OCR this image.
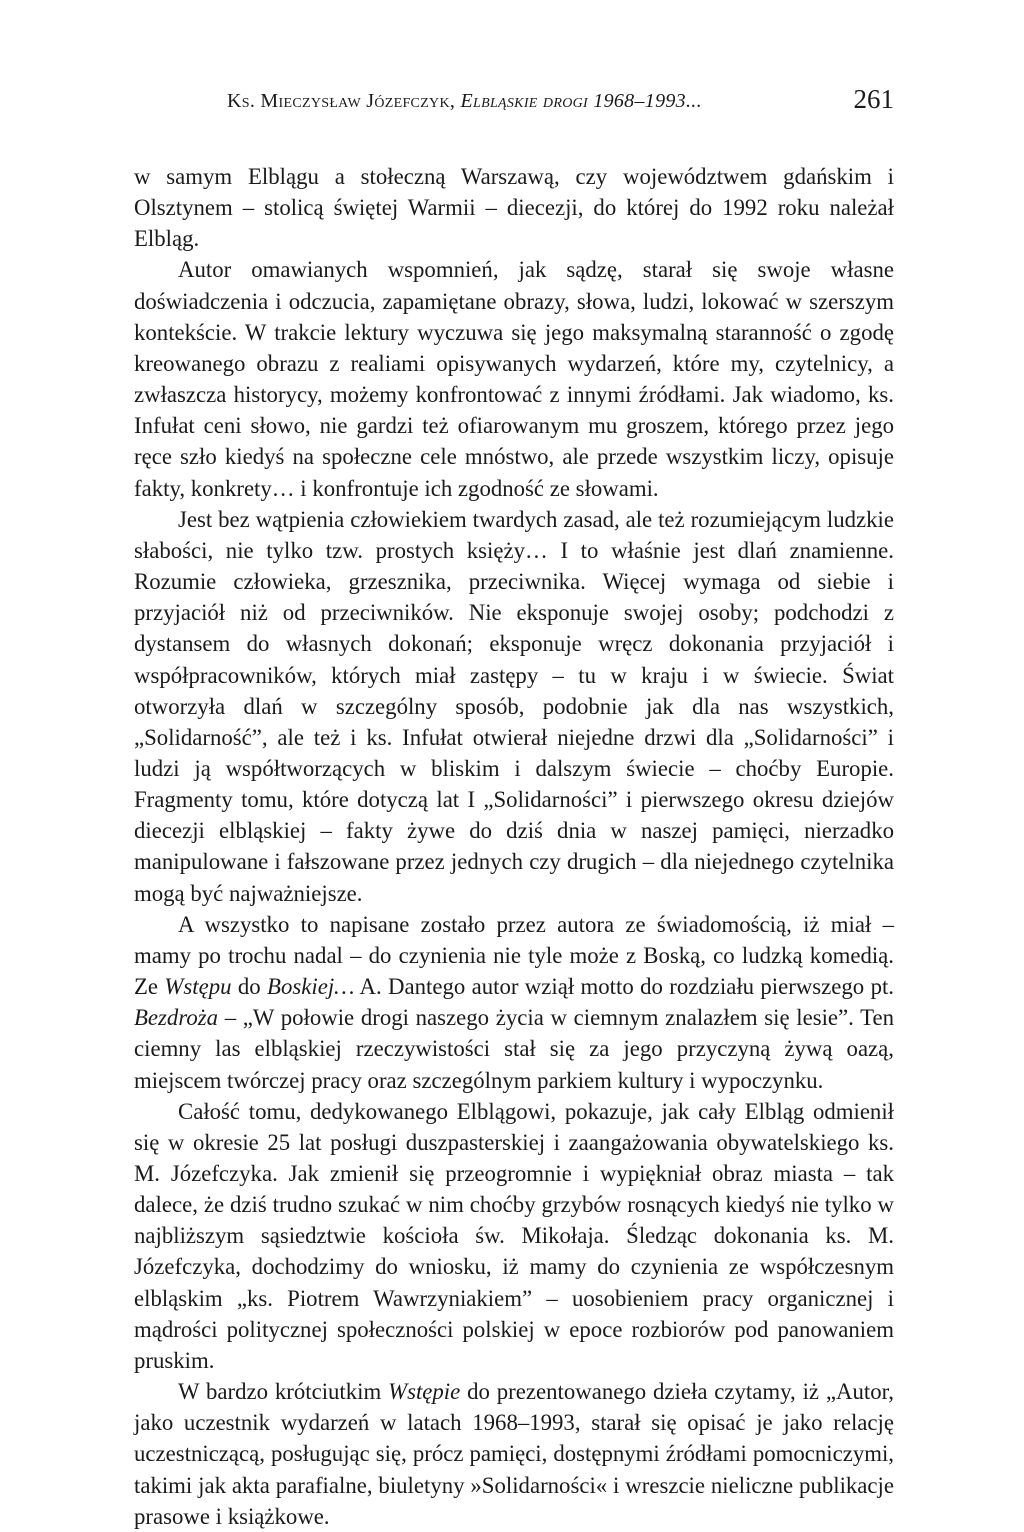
Ks. Mieczysław Józefczyk, Elbląskie drogi 1968–1993...	261

w samym Elblągu a stołeczną Warszawą, czy województwem gdańskim i Olsztynem – stolicą świętej Warmii – diecezji, do której do 1992 roku należał Elbląg.

Autor omawianych wspomnień, jak sądzę, starał się swoje własne doświadczenia i odczucia, zapamiętane obrazy, słowa, ludzi, lokować w szerszym kontekście. W trakcie lektury wyczuwa się jego maksymalną staranność o zgodę kreowanego obrazu z realiami opisywanych wydarzeń, które my, czytelnicy, a zwłaszcza historycy, możemy konfrontować z innymi źródłami. Jak wiadomo, ks. Infułat ceni słowo, nie gardzi też ofiarowanym mu groszem, którego przez jego ręce szło kiedyś na społeczne cele mnóstwo, ale przede wszystkim liczy, opisuje fakty, konkrety… i konfrontuje ich zgodność ze słowami.

Jest bez wątpienia człowiekiem twardych zasad, ale też rozumiejącym ludzkie słabości, nie tylko tzw. prostych księży… I to właśnie jest dlań znamienne. Rozumie człowieka, grzesznika, przeciwnika. Więcej wymaga od siebie i przyjaciół niż od przeciwników. Nie eksponuje swojej osoby; podchodzi z dystansem do własnych dokonań; eksponuje wręcz dokonania przyjaciół i współpracowników, których miał zastępy – tu w kraju i w świecie. Świat otworzyła dlań w szczególny sposób, podobnie jak dla nas wszystkich, „Solidarność”, ale też i ks. Infułat otwierał niejedne drzwi dla „Solidarności” i ludzi ją współtworzących w bliskim i dalszym świecie – choćby Europie. Fragmenty tomu, które dotyczą lat I „Solidarności” i pierwszego okresu dziejów diecezji elbląskiej – fakty żywe do dziś dnia w naszej pamięci, nierzadko manipulowane i fałszowane przez jednych czy drugich – dla niejednego czytelnika mogą być najważniejsze.

A wszystko to napisane zostało przez autora ze świadomością, iż miał – mamy po trochu nadal – do czynienia nie tyle może z Boską, co ludzką komedią. Ze Wstępu do Boskiej… A. Dantego autor wziął motto do rozdziału pierwszego pt. Bezdroża – „W połowie drogi naszego życia w ciemnym znalazłem się lesie”. Ten ciemny las elbląskiej rzeczywistości stał się za jego przyczyną żywą oazą, miejscem twórczej pracy oraz szczególnym parkiem kultury i wypoczynku.

Całość tomu, dedykowanego Elblągowi, pokazuje, jak cały Elbląg odmienił się w okresie 25 lat posługi duszpasterskiej i zaangażowania obywatelskiego ks. M. Józefczyka. Jak zmienił się przeogromnie i wypiękniał obraz miasta – tak dalece, że dziś trudno szukać w nim choćby grzybów rosnących kiedyś nie tylko w najbliższym sąsiedztwie kościoła św. Mikołaja. Śledząc dokonania ks. M. Józefczyka, dochodzimy do wniosku, iż mamy do czynienia ze współczesnym elbląskim „ks. Piotrem Wawrzyniakiem” – uosobieniem pracy organicznej i mądrości politycznej społeczności polskiej w epoce rozbiorów pod panowaniem pruskim.

W bardzo krótciutkim Wstępie do prezentowanego dzieła czytamy, iż „Autor, jako uczestnik wydarzeń w latach 1968–1993, starał się opisać je jako relację uczestniczącą, posługując się, prócz pamięci, dostępnymi źródłami pomocniczymi, takimi jak akta parafialne, biuletyny »Solidarności« i wreszcie nieliczne publikacje prasowe i książkowe.
